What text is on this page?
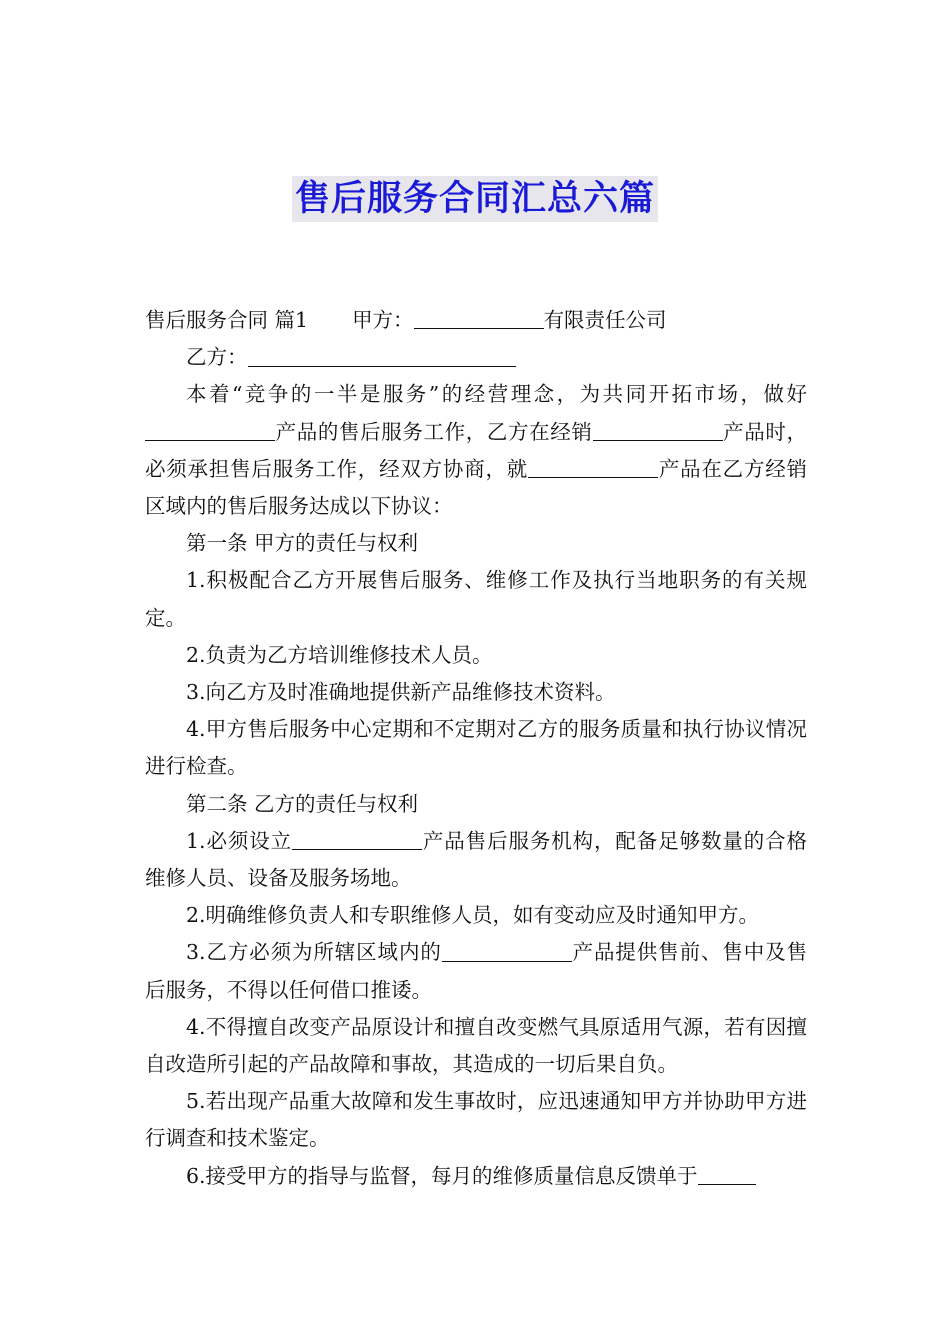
售后服务合同汇总六篇

售后服务合同 篇1 甲方：	有限责任公司

乙方：

本着“竞争的一半是服务”的经营理念，为共同开拓市场，做好产品的售后服务工作，乙方在经销	产品时，必须承担售后服务工作，经双方协商，就	产品在乙方经销区域内的售后服务达成以下协议：

第一条 甲方的责任与权利

1.积极配合乙方开展售后服务、维修工作及执行当地职务的有关规定。

2.负责为乙方培训维修技术人员。

3.向乙方及时准确地提供新产品维修技术资料。

4.甲方售后服务中心定期和不定期对乙方的服务质量和执行协议情况进行检查。

第二条 乙方的责任与权利

1.必须设立	产品售后服务机构，配备足够数量的合格维修人员、设备及服务场地。

2.明确维修负责人和专职维修人员，如有变动应及时通知甲方。

3.乙方必须为所辖区域内的	产品提供售前、售中及售后服务，不得以任何借口推诿。

4.不得擅自改变产品原设计和擅自改变燃气具原适用气源，若有因擅自改造所引起的产品故障和事故，其造成的一切后果自负。

5.若出现产品重大故障和发生事故时，应迅速通知甲方并协助甲方进行调查和技术鉴定。

6.接受甲方的指导与监督，每月的维修质量信息反馈单于
